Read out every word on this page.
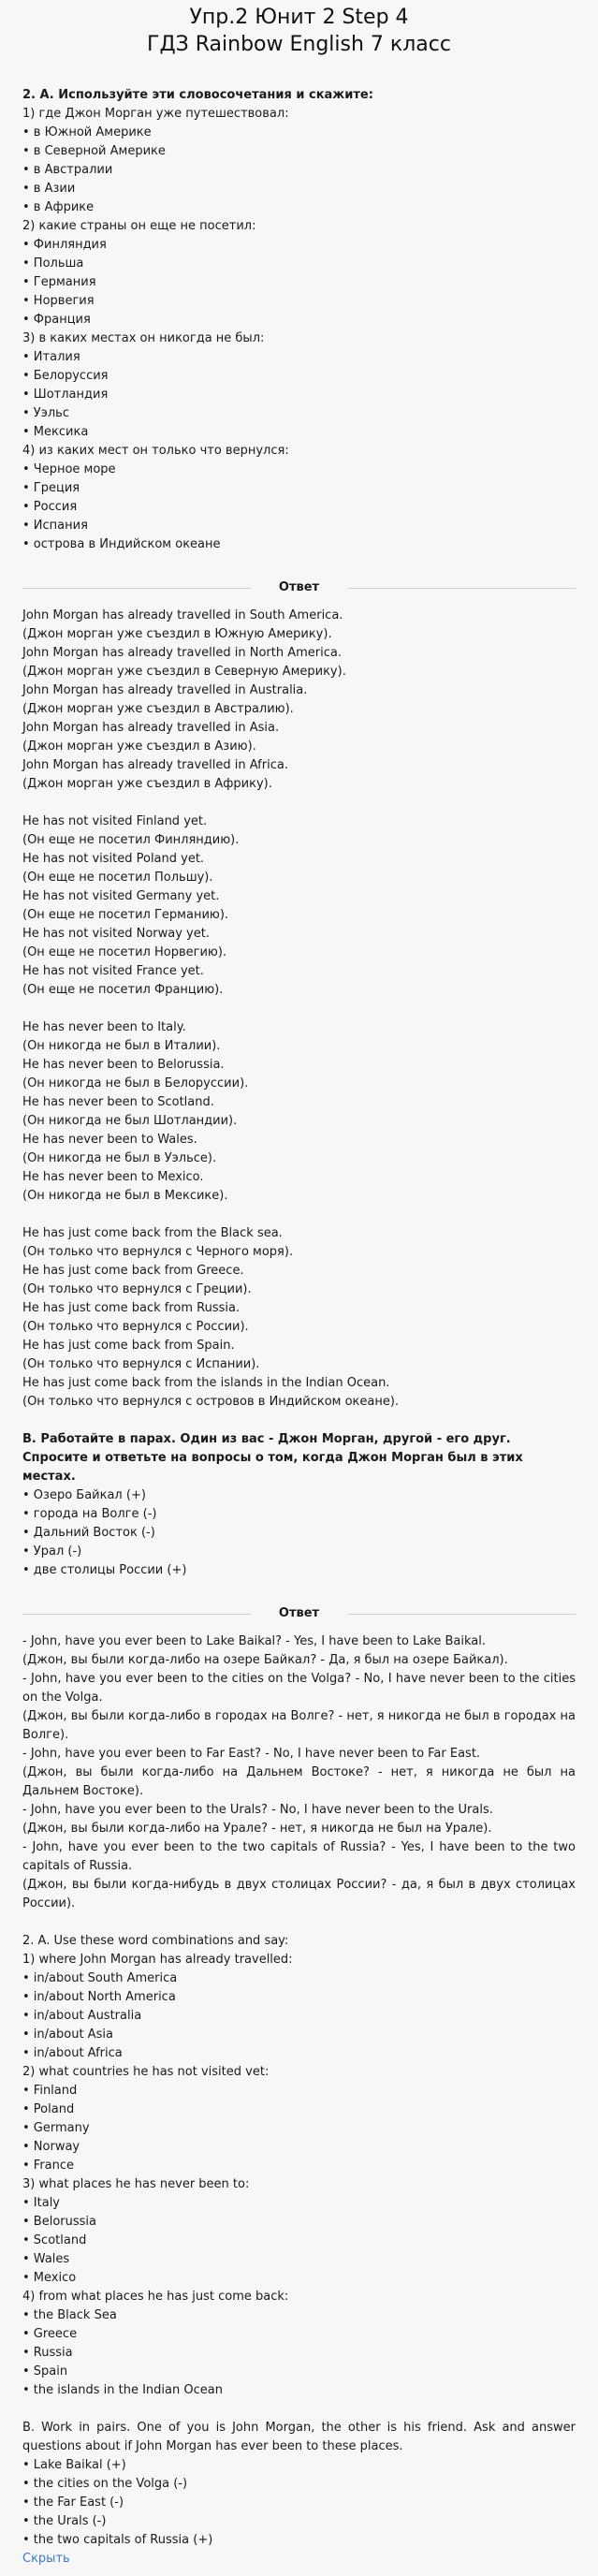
Упр.2 Юнит 2 Step 4
ГДЗ Rainbow English 7 класс
2. A. Используйте эти словосочетания и скажите:
1) где Джон Морган уже путешествовал:
• в Южной Америке
• в Северной Америке
• в Австралии
• в Азии
• в Африке
2) какие страны он еще не посетил:
• Финляндия
• Польша
• Германия
• Норвегия
• Франция
3) в каких местах он никогда не был:
• Италия
• Белоруссия
• Шотландия
• Уэльс
• Мексика
4) из каких мест он только что вернулся:
• Черное море
• Греция
• Россия
• Испания
• острова в Индийском океане
Ответ
John Morgan has already travelled in South America.
(Джон морган уже съездил в Южную Америку).
John Morgan has already travelled in North America.
(Джон морган уже съездил в Северную Америку).
John Morgan has already travelled in Australia.
(Джон морган уже съездил в Австралию).
John Morgan has already travelled in Asia.
(Джон морган уже съездил в Азию).
John Morgan has already travelled in Africa.
(Джон морган уже съездил в Африку).
He has not visited Finland yet.
(Он еще не посетил Финляндию).
He has not visited Poland yet.
(Он еще не посетил Польшу).
He has not visited Germany yet.
(Он еще не посетил Германию).
He has not visited Norway yet.
(Он еще не посетил Норвегию).
He has not visited France yet.
(Он еще не посетил Францию).
He has never been to Italy.
(Он никогда не был в Италии).
He has never been to Belorussia.
(Он никогда не был в Белоруссии).
He has never been to Scotland.
(Он никогда не был Шотландии).
He has never been to Wales.
(Он никогда не был в Уэльсе).
He has never been to Mexico.
(Он никогда не был в Мексике).
He has just come back from the Black sea.
(Он только что вернулся с Черного моря).
He has just come back from Greece.
(Он только что вернулся с Греции).
He has just come back from Russia.
(Он только что вернулся с России).
He has just come back from Spain.
(Он только что вернулся с Испании).
He has just come back from the islands in the Indian Ocean.
(Он только что вернулся с островов в Индийском океане).
B. Работайте в парах. Один из вас - Джон Морган, другой - его друг. Спросите и ответьте на вопросы о том, когда Джон Морган был в этих местах.
• Озеро Байкал (+)
• города на Волге (-)
• Дальний Восток (-)
• Урал (-)
• две столицы России (+)
Ответ
- John, have you ever been to Lake Baikal? - Yes, I have been to Lake Baikal.
(Джон, вы были когда-либо на озере Байкал? - Да, я был на озере Байкал).
- John, have you ever been to the cities on the Volga? - No, I have never been to the cities on the Volga.
(Джон, вы были когда-либо в городах на Волге? - нет, я никогда не был в городах на Волге).
- John, have you ever been to Far East? - No, I have never been to Far East.
(Джон, вы были когда-либо на Дальнем Востоке? - нет, я никогда не был на Дальнем Востоке).
- John, have you ever been to the Urals? - No, I have never been to the Urals.
(Джон, вы были когда-либо на Урале? - нет, я никогда не был на Урале).
- John, have you ever been to the two capitals of Russia? - Yes, I have been to the two capitals of Russia.
(Джон, вы были когда-нибудь в двух столицах России? - да, я был в двух столицах России).
2. A. Use these word combinations and say:
1) where John Morgan has already travelled:
• in/about South America
• in/about North America
• in/about Australia
• in/about Asia
• in/about Africa
2) what countries he has not visited vet:
• Finland
• Poland
• Germany
• Norway
• France
3) what places he has never been to:
• Italy
• Belorussia
• Scotland
• Wales
• Mexico
4) from what places he has just come back:
• the Black Sea
• Greece
• Russia
• Spain
• the islands in the Indian Ocean
B. Work in pairs. One of you is John Morgan, the other is his friend. Ask and answer questions about if John Morgan has ever been to these places.
• Lake Baikal (+)
• the cities on the Volga (-)
• the Far East (-)
• the Urals (-)
• the two capitals of Russia (+)
Скрыть
